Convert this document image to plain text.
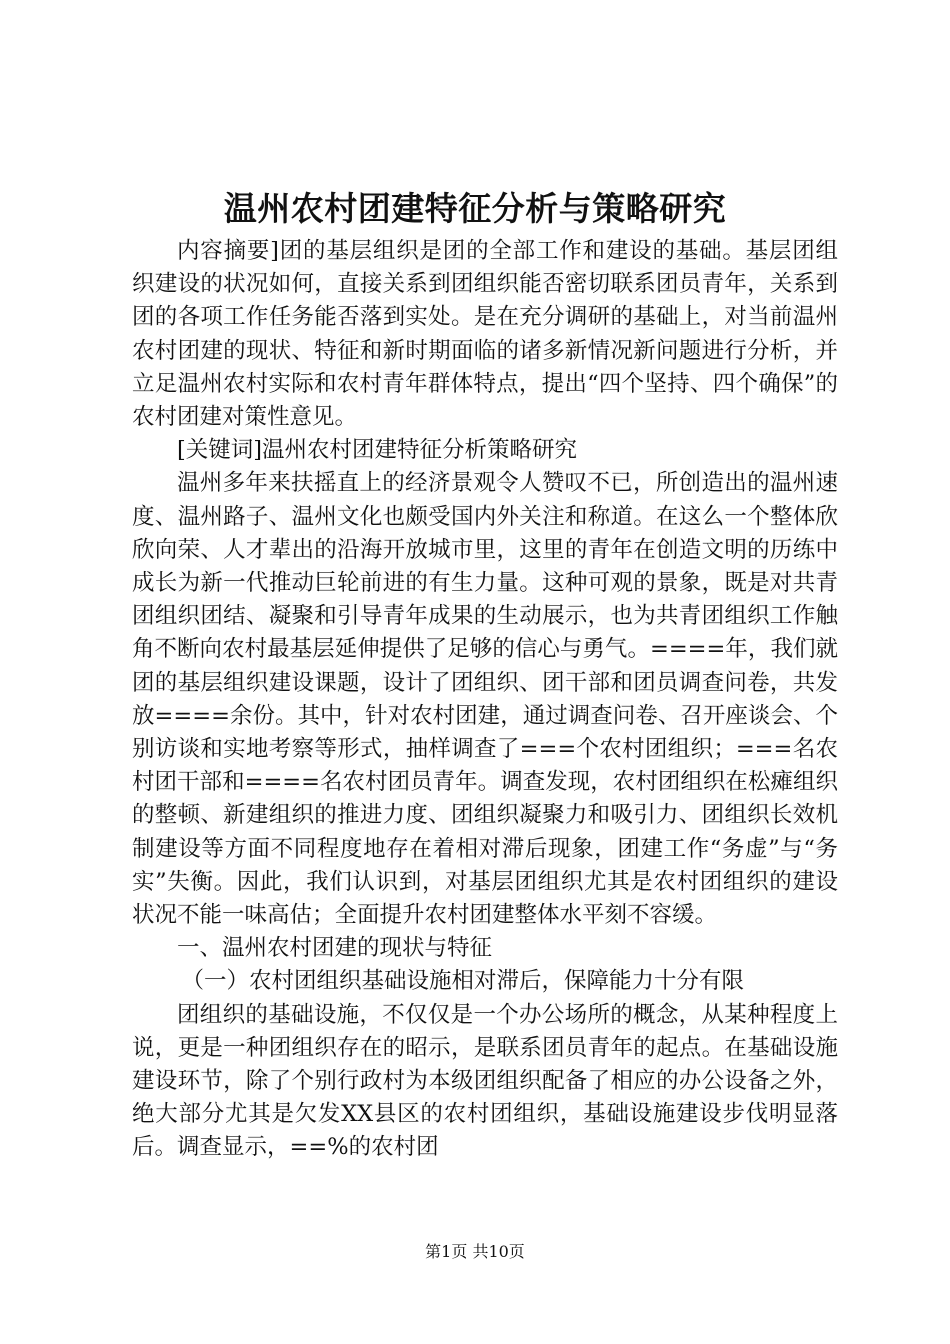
温州农村团建特征分析与策略研究

内容摘要]团的基层组织是团的全部工作和建设的基础。基层团组织建设的状况如何，直接关系到团组织能否密切联系团员青年，关系到团的各项工作任务能否落到实处。是在充分调研的基础上，对当前温州农村团建的现状、特征和新时期面临的诸多新情况新问题进行分析，并立足温州农村实际和农村青年群体特点，提出“四个坚持、四个确保”的农村团建对策性意见。

[关键词]温州农村团建特征分析策略研究

温州多年来扶摇直上的经济景观令人赞叹不已，所创造出的温州速度、温州路子、温州文化也颇受国内外关注和称道。在这么一个整体欣欣向荣、人才辈出的沿海开放城市里，这里的青年在创造文明的历练中成长为新一代推动巨轮前进的有生力量。这种可观的景象，既是对共青团组织团结、凝聚和引导青年成果的生动展示，也为共青团组织工作触角不断向农村最基层延伸提供了足够的信心与勇气。====年，我们就团的基层组织建设课题，设计了团组织、团干部和团员调查问卷，共发放====余份。其中，针对农村团建，通过调查问卷、召开座谈会、个别访谈和实地考察等形式，抽样调查了===个农村团组织；===名农村团干部和====名农村团员青年。调查发现，农村团组织在松瘫组织的整顿、新建组织的推进力度、团组织凝聚力和吸引力、团组织长效机制建设等方面不同程度地存在着相对滞后现象，团建工作“务虚”与“务实”失衡。因此，我们认识到，对基层团组织尤其是农村团组织的建设状况不能一味高估；全面提升农村团建整体水平刻不容缓。

一、温州农村团建的现状与特征

（一）农村团组织基础设施相对滞后，保障能力十分有限

团组织的基础设施，不仅仅是一个办公场所的概念，从某种程度上说，更是一种团组织存在的昭示，是联系团员青年的起点。在基础设施建设环节，除了个别行政村为本级团组织配备了相应的办公设备之外，绝大部分尤其是欠发XX县区的农村团组织，基础设施建设步伐明显落后。调查显示，==%的农村团

第1页 共10页
